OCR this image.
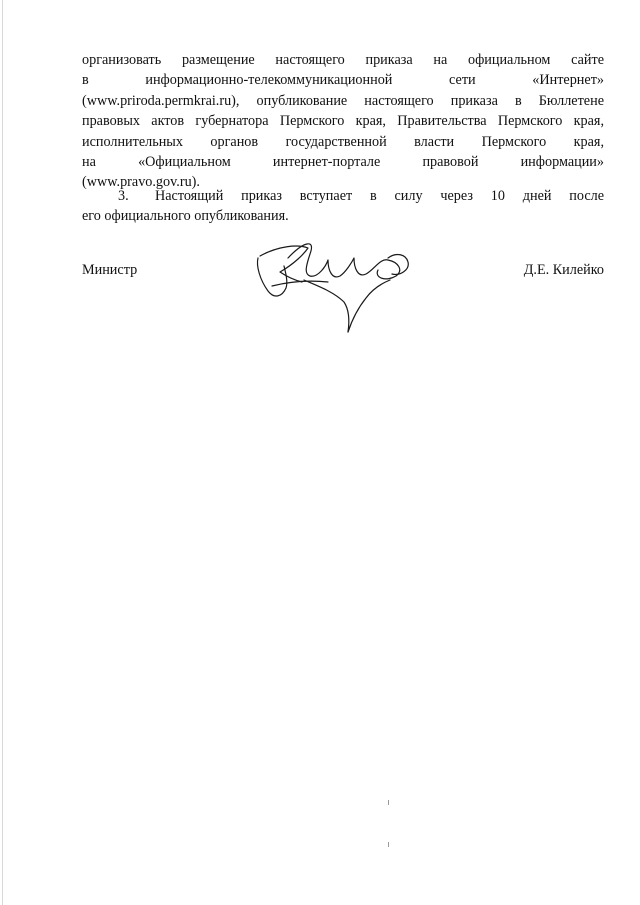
организовать размещение настоящего приказа на официальном сайте
в информационно-телекоммуникационной сети «Интернет»
(www.priroda.permkrai.ru), опубликование настоящего приказа в Бюллетене
правовых актов губернатора Пермского края, Правительства Пермского края,
исполнительных органов государственной власти Пермского края,
на «Официальном интернет-портале правовой информации»
(www.pravo.gov.ru).
3. Настоящий приказ вступает в силу через 10 дней после
его официального опубликования.
Министр	Д.Е. Килейко
